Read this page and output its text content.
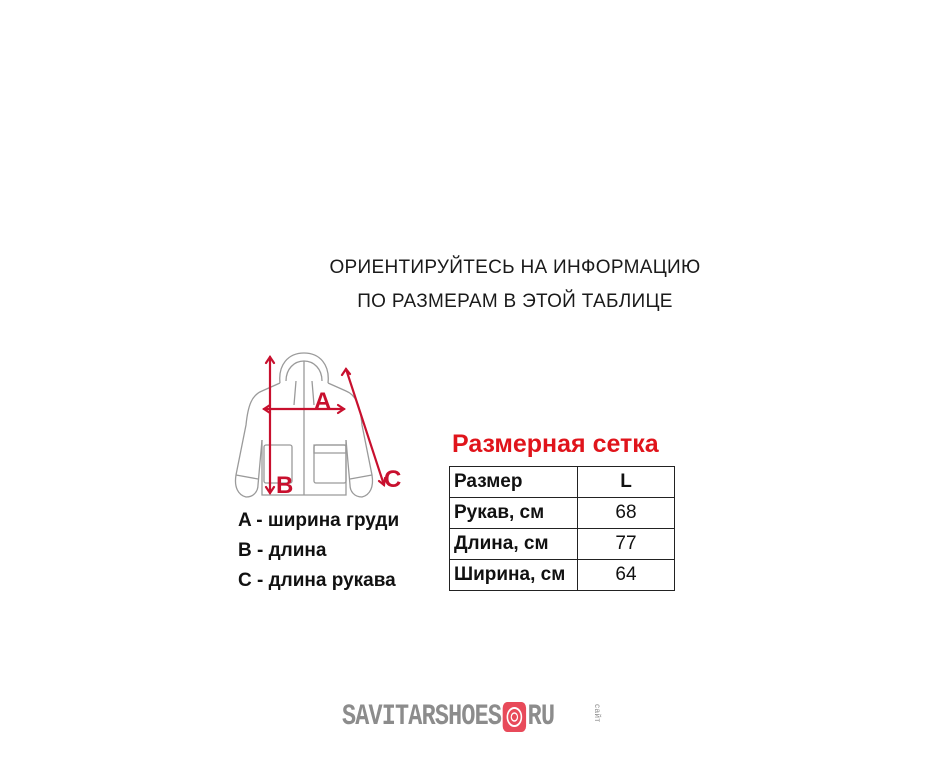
ОРИЕНТИРУЙТЕСЬ НА ИНФОРМАЦИЮ
ПО РАЗМЕРАМ В ЭТОЙ ТАБЛИЦЕ
A
B	C
A - ширина груди
B - длина
C - длина рукава
Размерная сетка
Размер	L
Рукав, см	68
Длина, см	77
Ширина, см	64
SAVITARSHOES RU	сайт
